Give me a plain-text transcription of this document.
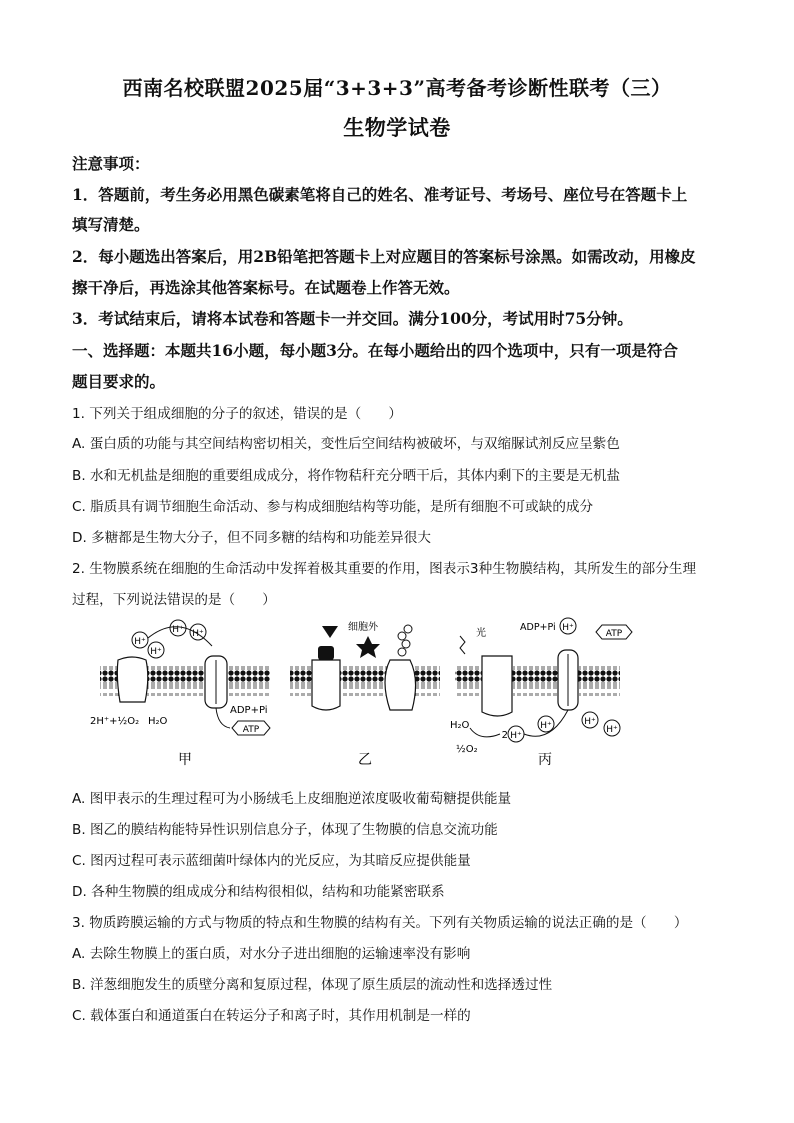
西南名校联盟2025届“3+3+3”高考备考诊断性联考（三）
生物学试卷
注意事项：
1．答题前，考生务必用黑色碳素笔将自己的姓名、准考证号、考场号、座位号在答题卡上
填写清楚。
2．每小题选出答案后，用2B铅笔把答题卡上对应题目的答案标号涂黑。如需改动，用橡皮
擦干净后，再选涂其他答案标号。在试题卷上作答无效。
3．考试结束后，请将本试卷和答题卡一并交回。满分100分，考试用时75分钟。
一、选择题：本题共16小题，每小题3分。在每小题给出的四个选项中，只有一项是符合
题目要求的。
1. 下列关于组成细胞的分子的叙述，错误的是（　　）
A. 蛋白质的功能与其空间结构密切相关，变性后空间结构被破坏，与双缩脲试剂反应呈紫色
B. 水和无机盐是细胞的重要组成成分，将作物秸秆充分晒干后，其体内剩下的主要是无机盐
C. 脂质具有调节细胞生命活动、参与构成细胞结构等功能，是所有细胞不可或缺的成分
D. 多糖都是生物大分子，但不同多糖的结构和功能差异很大
2. 生物膜系统在细胞的生命活动中发挥着极其重要的作用，图表示3种生物膜结构，其所发生的部分生理
过程，下列说法错误的是（　　）
H⁺
H⁺ H⁺
H⁺
2H⁺+½O₂ H₂O
ADP+Pi
ATP
甲
细胞外
乙
光
ADP+Pi
ATP
H⁺
H⁺	H⁺
H⁺
2 H⁺
H₂O
½O₂
丙
A. 图甲表示的生理过程可为小肠绒毛上皮细胞逆浓度吸收葡萄糖提供能量
B. 图乙的膜结构能特异性识别信息分子，体现了生物膜的信息交流功能
C. 图丙过程可表示蓝细菌叶绿体内的光反应，为其暗反应提供能量
D. 各种生物膜的组成成分和结构很相似，结构和功能紧密联系
3. 物质跨膜运输的方式与物质的特点和生物膜的结构有关。下列有关物质运输的说法正确的是（　　）
A. 去除生物膜上的蛋白质，对水分子进出细胞的运输速率没有影响
B. 洋葱细胞发生的质壁分离和复原过程，体现了原生质层的流动性和选择透过性
C. 载体蛋白和通道蛋白在转运分子和离子时，其作用机制是一样的
